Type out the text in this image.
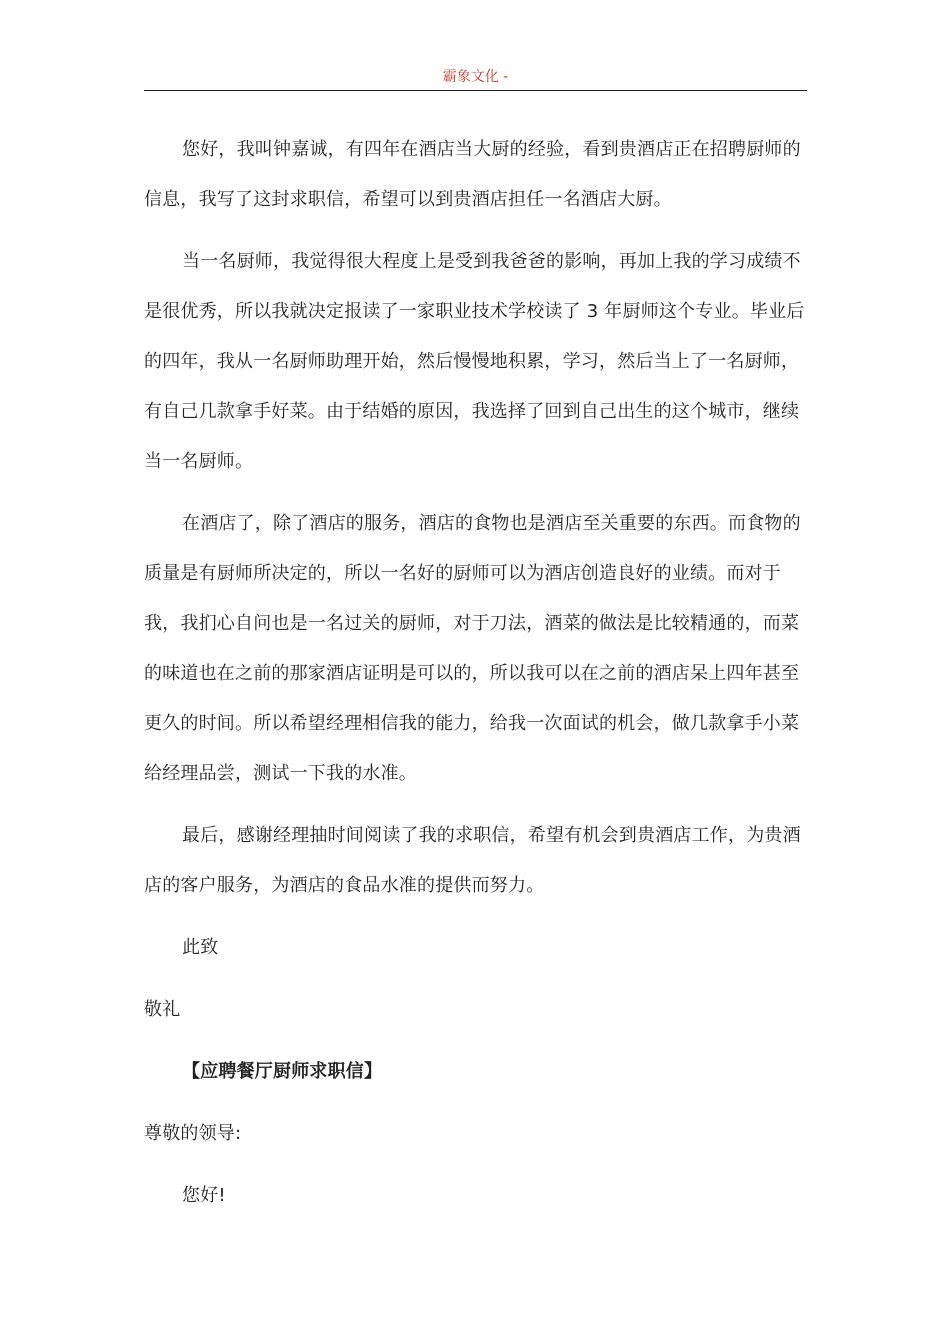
霸象文化 -

您好，我叫钟嘉诚，有四年在酒店当大厨的经验，看到贵酒店正在招聘厨师的信息，我写了这封求职信，希望可以到贵酒店担任一名酒店大厨。

当一名厨师，我觉得很大程度上是受到我爸爸的影响，再加上我的学习成绩不是很优秀，所以我就决定报读了一家职业技术学校读了 3 年厨师这个专业。毕业后的四年，我从一名厨师助理开始，然后慢慢地积累，学习，然后当上了一名厨师，有自己几款拿手好菜。由于结婚的原因，我选择了回到自己出生的这个城市，继续当一名厨师。

在酒店了，除了酒店的服务，酒店的食物也是酒店至关重要的东西。而食物的质量是有厨师所决定的，所以一名好的厨师可以为酒店创造良好的业绩。而对于我，我扪心自问也是一名过关的厨师，对于刀法，酒菜的做法是比较精通的，而菜的味道也在之前的那家酒店证明是可以的，所以我可以在之前的酒店呆上四年甚至更久的时间。所以希望经理相信我的能力，给我一次面试的机会，做几款拿手小菜给经理品尝，测试一下我的水准。

最后，感谢经理抽时间阅读了我的求职信，希望有机会到贵酒店工作，为贵酒店的客户服务，为酒店的食品水准的提供而努力。

此致

敬礼

【应聘餐厅厨师求职信】

尊敬的领导:

您好!
